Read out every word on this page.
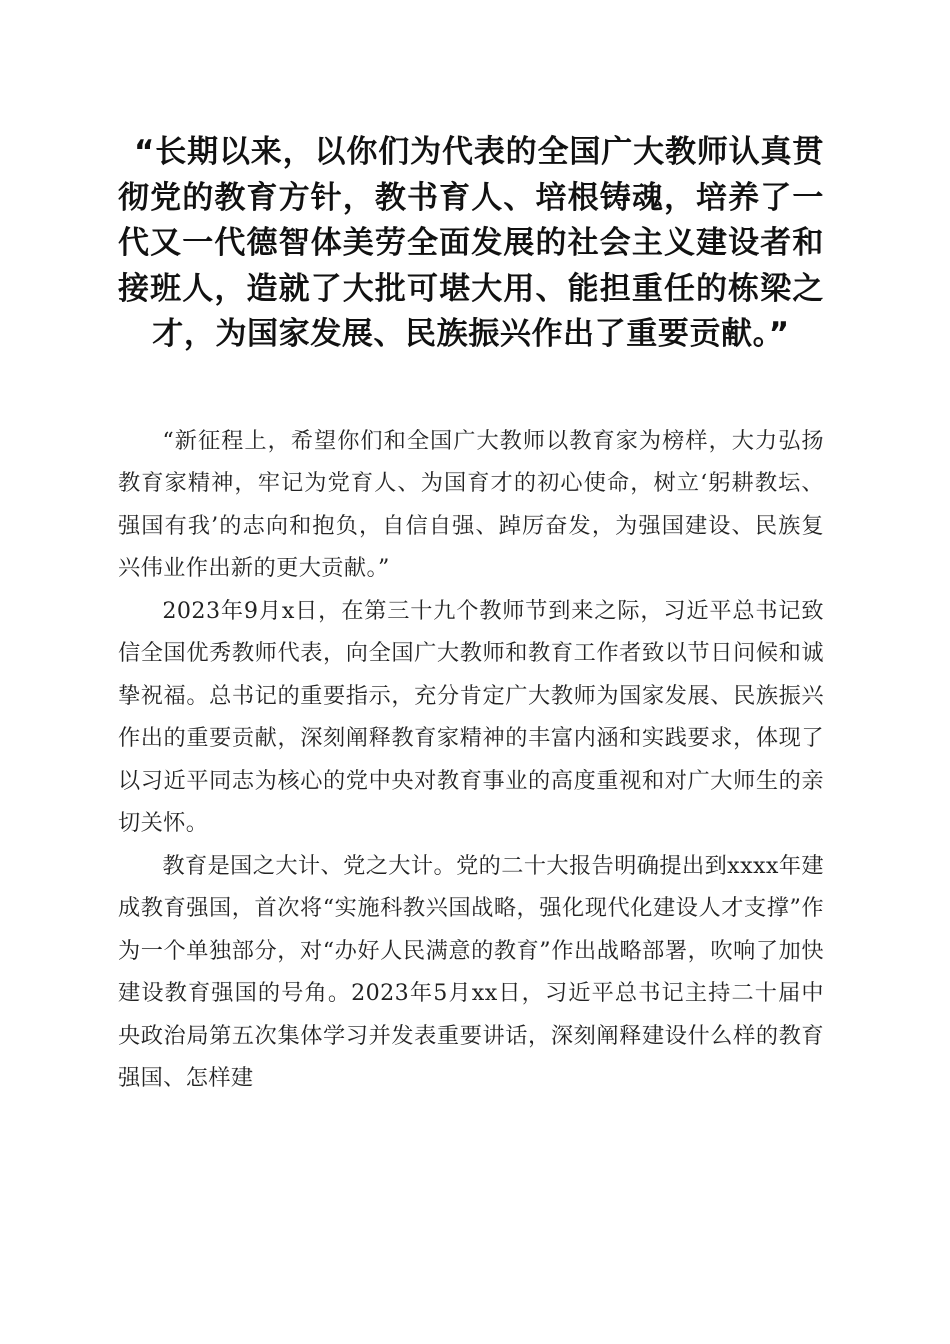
“长期以来，以你们为代表的全国广大教师认真贯彻党的教育方针，教书育人、培根铸魂，培养了一代又一代德智体美劳全面发展的社会主义建设者和接班人，造就了大批可堪大用、能担重任的栋梁之才，为国家发展、民族振兴作出了重要贡献。”

“新征程上，希望你们和全国广大教师以教育家为榜样，大力弘扬教育家精神，牢记为党育人、为国育才的初心使命，树立‘躬耕教坛、强国有我’的志向和抱负，自信自强、踔厉奋发，为强国建设、民族复兴伟业作出新的更大贡献。”

2023年9月x日，在第三十九个教师节到来之际，习近平总书记致信全国优秀教师代表，向全国广大教师和教育工作者致以节日问候和诚挚祝福。总书记的重要指示，充分肯定广大教师为国家发展、民族振兴作出的重要贡献，深刻阐释教育家精神的丰富内涵和实践要求，体现了以习近平同志为核心的党中央对教育事业的高度重视和对广大师生的亲切关怀。

教育是国之大计、党之大计。党的二十大报告明确提出到xxxx年建成教育强国，首次将“实施科教兴国战略，强化现代化建设人才支撑”作为一个单独部分，对“办好人民满意的教育”作出战略部署，吹响了加快建设教育强国的号角。2023年5月xx日，习近平总书记主持二十届中央政治局第五次集体学习并发表重要讲话，深刻阐释建设什么样的教育强国、怎样建
